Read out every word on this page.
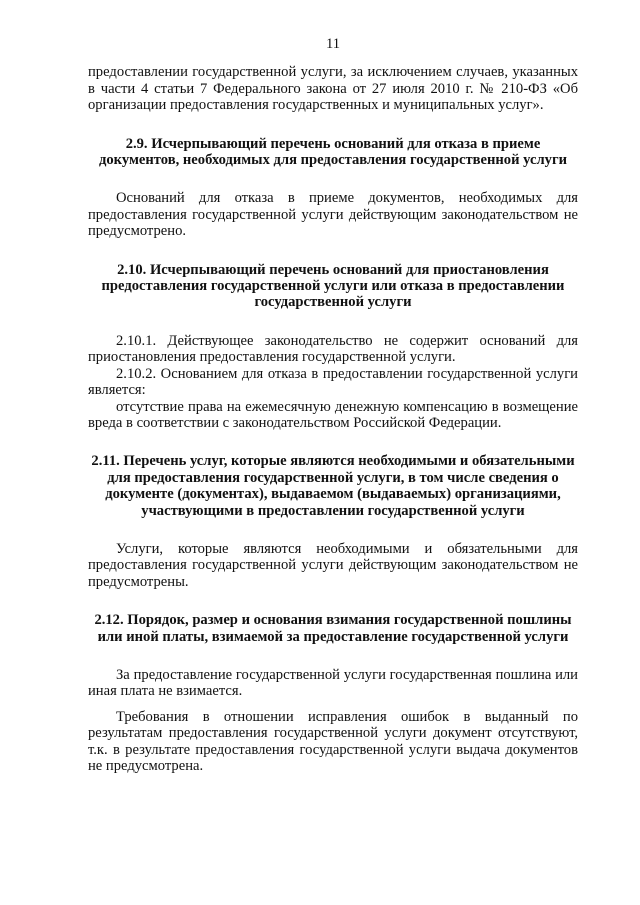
11

предоставлении государственной услуги, за исключением случаев, указанных в части 4 статьи 7 Федерального закона от 27 июля 2010 г. № 210-ФЗ «Об организации предоставления государственных и муниципальных услуг».

2.9. Исчерпывающий перечень оснований для отказа в приеме документов, необходимых для предоставления государственной услуги

Оснований для отказа в приеме документов, необходимых для предоставления государственной услуги действующим законодательством не предусмотрено.

2.10. Исчерпывающий перечень оснований для приостановления предоставления государственной услуги или отказа в предоставлении государственной услуги

2.10.1. Действующее законодательство не содержит оснований для приостановления предоставления государственной услуги.

2.10.2. Основанием для отказа в предоставлении государственной услуги является:

отсутствие права на ежемесячную денежную компенсацию в возмещение вреда в соответствии с законодательством Российской Федерации.

2.11. Перечень услуг, которые являются необходимыми и обязательными для предоставления государственной услуги, в том числе сведения о документе (документах), выдаваемом (выдаваемых) организациями, участвующими в предоставлении государственной услуги

Услуги, которые являются необходимыми и обязательными для предоставления государственной услуги действующим законодательством не предусмотрены.

2.12. Порядок, размер и основания взимания государственной пошлины или иной платы, взимаемой за предоставление государственной услуги

За предоставление государственной услуги государственная пошлина или иная плата не взимается.

Требования в отношении исправления ошибок в выданный по результатам предоставления государственной услуги документ отсутствуют, т.к. в результате предоставления государственной услуги выдача документов не предусмотрена.
